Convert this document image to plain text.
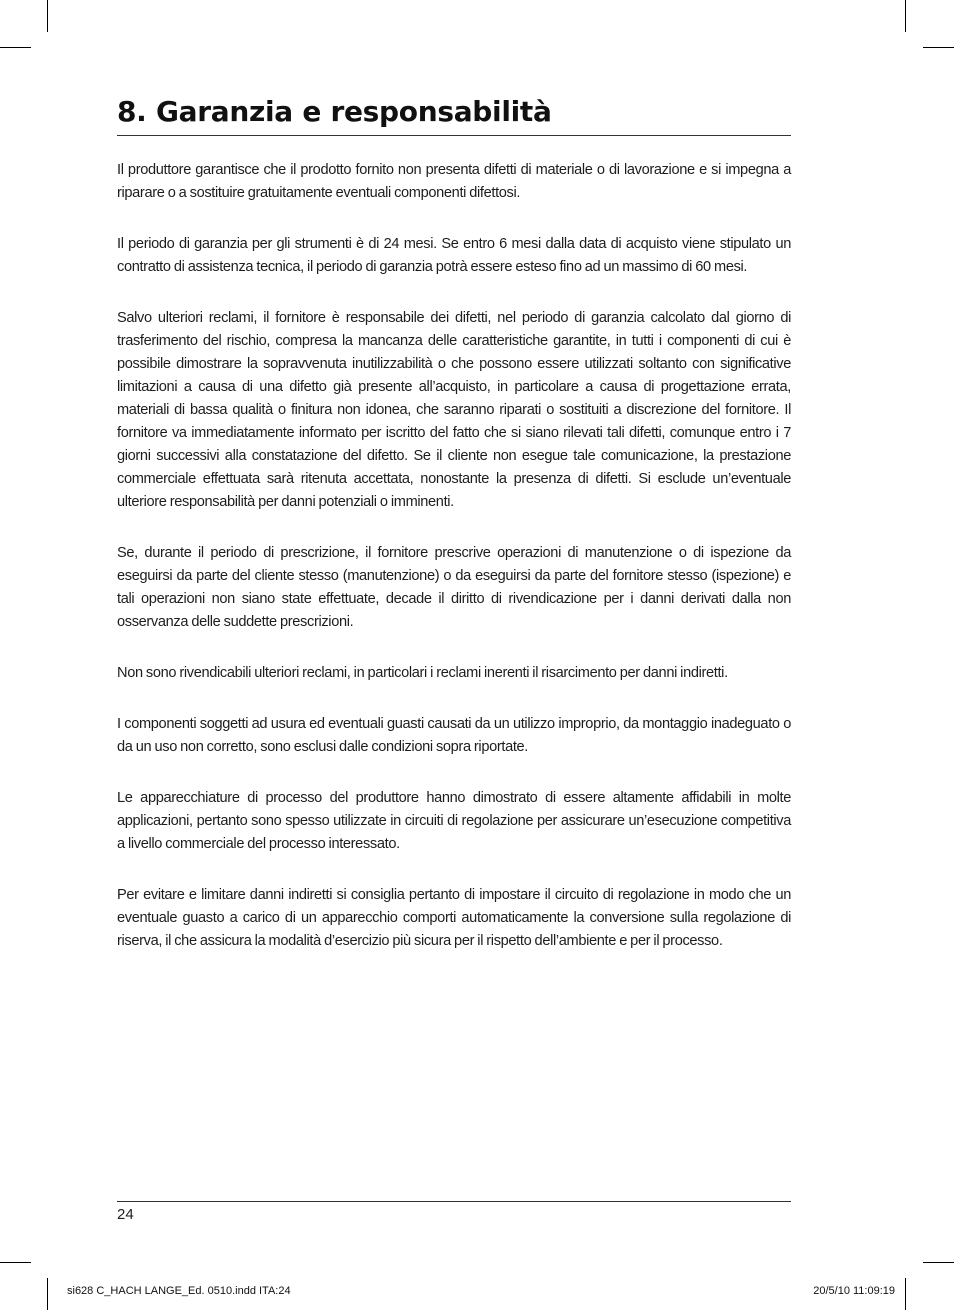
8. Garanzia e responsabilità

Il produttore garantisce che il prodotto fornito non presenta difetti di materiale o di lavorazione e si impegna a riparare o a sostituire gratuitamente eventuali componenti difettosi.

Il periodo di garanzia per gli strumenti è di 24 mesi. Se entro 6 mesi dalla data di acquisto viene stipulato un contratto di assistenza tecnica, il periodo di garanzia potrà essere esteso fino ad un massimo di 60 mesi.

Salvo ulteriori reclami, il fornitore è responsabile dei difetti, nel periodo di garanzia calcolato dal giorno di trasferimento del rischio, compresa la mancanza delle caratteristiche garantite, in tutti i componenti di cui è possibile dimostrare la sopravvenuta inutilizzabilità o che possono essere utilizzati soltanto con significative limitazioni a causa di una difetto già presente all’acquisto, in particolare a causa di progettazione errata, materiali di bassa qualità o finitura non idonea, che saranno riparati o sostituiti a discrezione del fornitore. Il fornitore va immediatamente informato per iscritto del fatto che si siano rilevati tali difetti, comunque entro i 7 giorni successivi alla constatazione del difetto. Se il cliente non esegue tale comunicazione, la prestazione commerciale effettuata sarà ritenuta accettata, nonostante la presenza di difetti. Si esclude un’eventuale ulteriore responsabilità per danni potenziali o imminenti.

Se, durante il periodo di prescrizione, il fornitore prescrive operazioni di manutenzione o di ispezione da eseguirsi da parte del cliente stesso (manutenzione) o da eseguirsi da parte del fornitore stesso (ispezione) e tali operazioni non siano state effettuate, decade il diritto di rivendicazione per i danni derivati dalla non osservanza delle suddette prescrizioni.

Non sono rivendicabili ulteriori reclami, in particolari i reclami inerenti il risarcimento per danni indiretti.

I componenti soggetti ad usura ed eventuali guasti causati da un utilizzo improprio, da montaggio inadeguato o da un uso non corretto, sono esclusi dalle condizioni sopra riportate.

Le apparecchiature di processo del produttore hanno dimostrato di essere altamente affidabili in molte applicazioni, pertanto sono spesso utilizzate in circuiti di regolazione per assicurare un’esecuzione competitiva a livello commerciale del processo interessato.

Per evitare e limitare danni indiretti si consiglia pertanto di impostare il circuito di regolazione in modo che un eventuale guasto a carico di un apparecchio comporti automaticamente la conversione sulla regolazione di riserva, il che assicura la modalità d’esercizio più sicura per il rispetto dell’ambiente e per il processo.

24
si628 C_HACH LANGE_Ed. 0510.indd ITA:24	20/5/10 11:09:19
